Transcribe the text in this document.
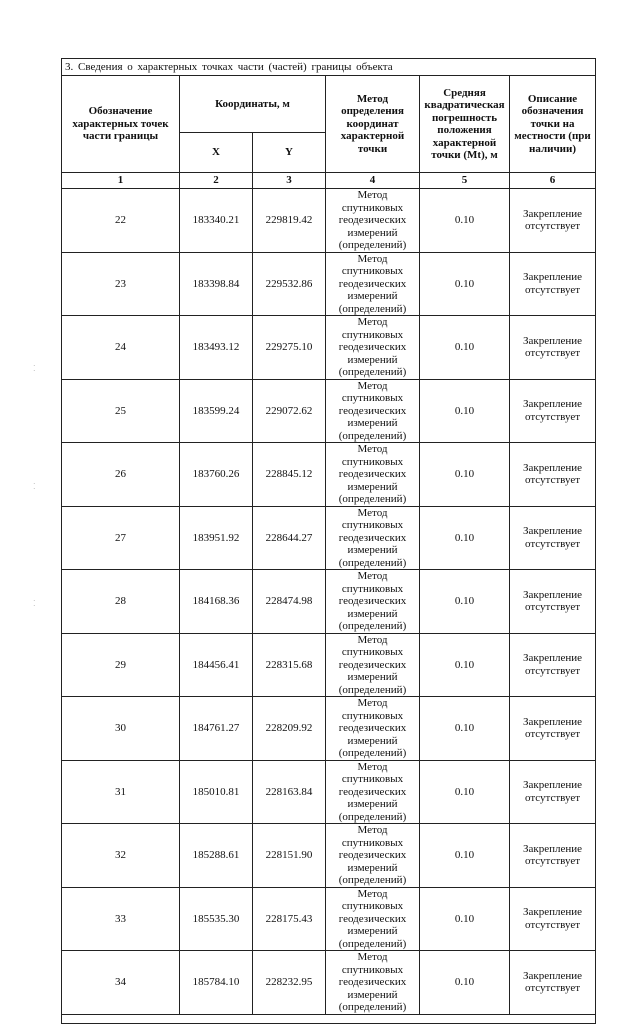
3. Сведения о характерных точках части (частей) границы объекта					
Обозначение характерных точек части границы	Координаты, м		Метод определения координат характерной точки	Средняя квадратическая погрешность положения характерной точки (Mt), м	Описание обозначения точки на местности (при наличии)
	X	Y			
1	2	3	4	5	6
22	183340.21	229819.42	Метод спутниковых геодезических измерений (определений)	0.10	Закрепление отсутствует
23	183398.84	229532.86	Метод спутниковых геодезических измерений (определений)	0.10	Закрепление отсутствует
24	183493.12	229275.10	Метод спутниковых геодезических измерений (определений)	0.10	Закрепление отсутствует
25	183599.24	229072.62	Метод спутниковых геодезических измерений (определений)	0.10	Закрепление отсутствует
26	183760.26	228845.12	Метод спутниковых геодезических измерений (определений)	0.10	Закрепление отсутствует
27	183951.92	228644.27	Метод спутниковых геодезических измерений (определений)	0.10	Закрепление отсутствует
28	184168.36	228474.98	Метод спутниковых геодезических измерений (определений)	0.10	Закрепление отсутствует
29	184456.41	228315.68	Метод спутниковых геодезических измерений (определений)	0.10	Закрепление отсутствует
30	184761.27	228209.92	Метод спутниковых геодезических измерений (определений)	0.10	Закрепление отсутствует
31	185010.81	228163.84	Метод спутниковых геодезических измерений (определений)	0.10	Закрепление отсутствует
32	185288.61	228151.90	Метод спутниковых геодезических измерений (определений)	0.10	Закрепление отсутствует
33	185535.30	228175.43	Метод спутниковых геодезических измерений (определений)	0.10	Закрепление отсутствует
34	185784.10	228232.95	Метод спутниковых геодезических измерений (определений)	0.10	Закрепление отсутствует

⁚
⁚
⁚
